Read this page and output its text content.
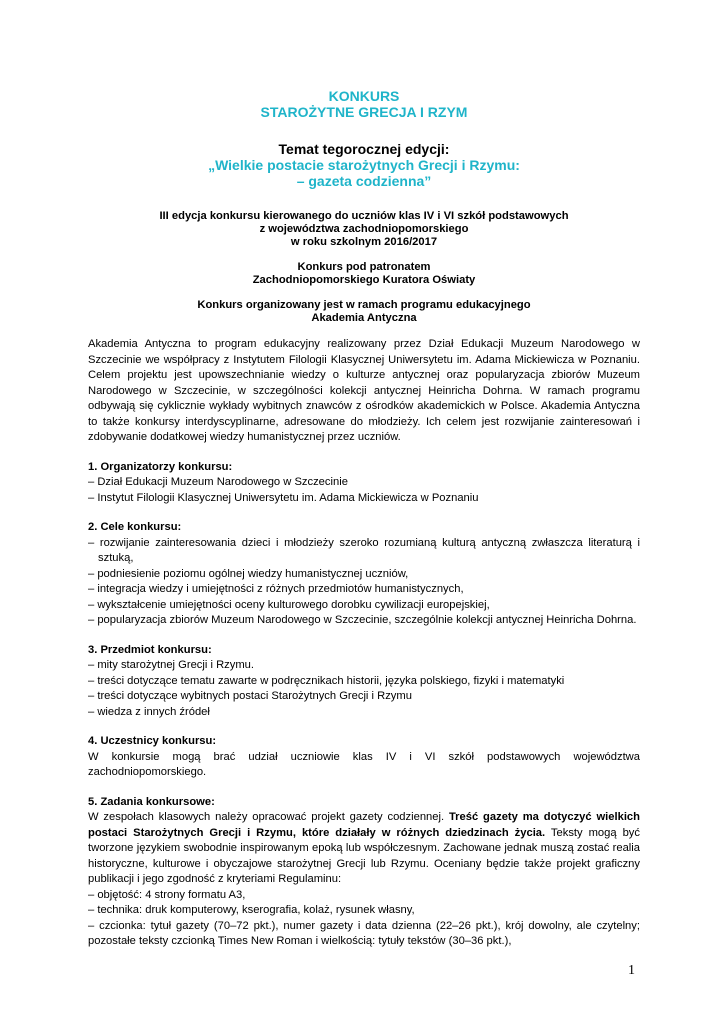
KONKURS
STAROŻYTNE GRECJA I RZYM
Temat tegorocznej edycji:
„Wielkie postacie starożytnych Grecji i Rzymu:
– gazeta codzienna”
III edycja konkursu kierowanego do uczniów klas IV i VI szkół podstawowych
z województwa zachodniopomorskiego
w roku szkolnym 2016/2017
Konkurs pod patronatem
Zachodniopomorskiego Kuratora Oświaty
Konkurs organizowany jest w ramach programu edukacyjnego
Akademia Antyczna
Akademia Antyczna to program edukacyjny realizowany przez Dział Edukacji Muzeum Narodowego w Szczecinie we współpracy z Instytutem Filologii Klasycznej Uniwersytetu im. Adama Mickiewicza w Poznaniu. Celem projektu jest upowszechnianie wiedzy o kulturze antycznej oraz popularyzacja zbiorów Muzeum Narodowego w Szczecinie, w szczególności kolekcji antycznej Heinricha Dohrna. W ramach programu odbywają się cyklicznie wykłady wybitnych znawców z ośrodków akademickich w Polsce. Akademia Antyczna to także konkursy interdyscyplinarne, adresowane do młodzieży. Ich celem jest rozwijanie zainteresowań i zdobywanie dodatkowej wiedzy humanistycznej przez uczniów.
1. Organizatorzy konkursu:
– Dział Edukacji Muzeum Narodowego w Szczecinie
– Instytut Filologii Klasycznej Uniwersytetu im. Adama Mickiewicza w Poznaniu
2. Cele konkursu:
– rozwijanie zainteresowania dzieci i młodzieży szeroko rozumianą kulturą antyczną zwłaszcza literaturą i sztuką,
– podniesienie poziomu ogólnej wiedzy humanistycznej uczniów,
– integracja wiedzy i umiejętności z różnych przedmiotów humanistycznych,
– wykształcenie umiejętności oceny kulturowego dorobku cywilizacji europejskiej,
– popularyzacja zbiorów Muzeum Narodowego w Szczecinie, szczególnie kolekcji antycznej Heinricha Dohrna.
3. Przedmiot konkursu:
– mity starożytnej Grecji i Rzymu.
– treści dotyczące tematu zawarte w podręcznikach historii, języka polskiego, fizyki i matematyki
– treści dotyczące wybitnych postaci Starożytnych Grecji i Rzymu
– wiedza z innych źródeł
4. Uczestnicy konkursu:
W konkursie mogą brać udział uczniowie klas IV i VI szkół podstawowych województwa zachodniopomorskiego.
5. Zadania konkursowe:
W zespołach klasowych należy opracować projekt gazety codziennej. Treść gazety ma dotyczyć wielkich postaci Starożytnych Grecji i Rzymu, które działały w różnych dziedzinach życia. Teksty mogą być tworzone językiem swobodnie inspirowanym epoką lub współczesnym. Zachowane jednak muszą zostać realia historyczne, kulturowe i obyczajowe starożytnej Grecji lub Rzymu. Oceniany będzie także projekt graficzny publikacji i jego zgodność z kryteriami Regulaminu:
– objętość: 4 strony formatu A3,
– technika: druk komputerowy, kserografia, kolaż, rysunek własny,
– czcionka: tytuł gazety (70–72 pkt.), numer gazety i data dzienna (22–26 pkt.), krój dowolny, ale czytelny; pozostałe teksty czcionką Times New Roman i wielkością: tytuły tekstów (30–36 pkt.),
1
